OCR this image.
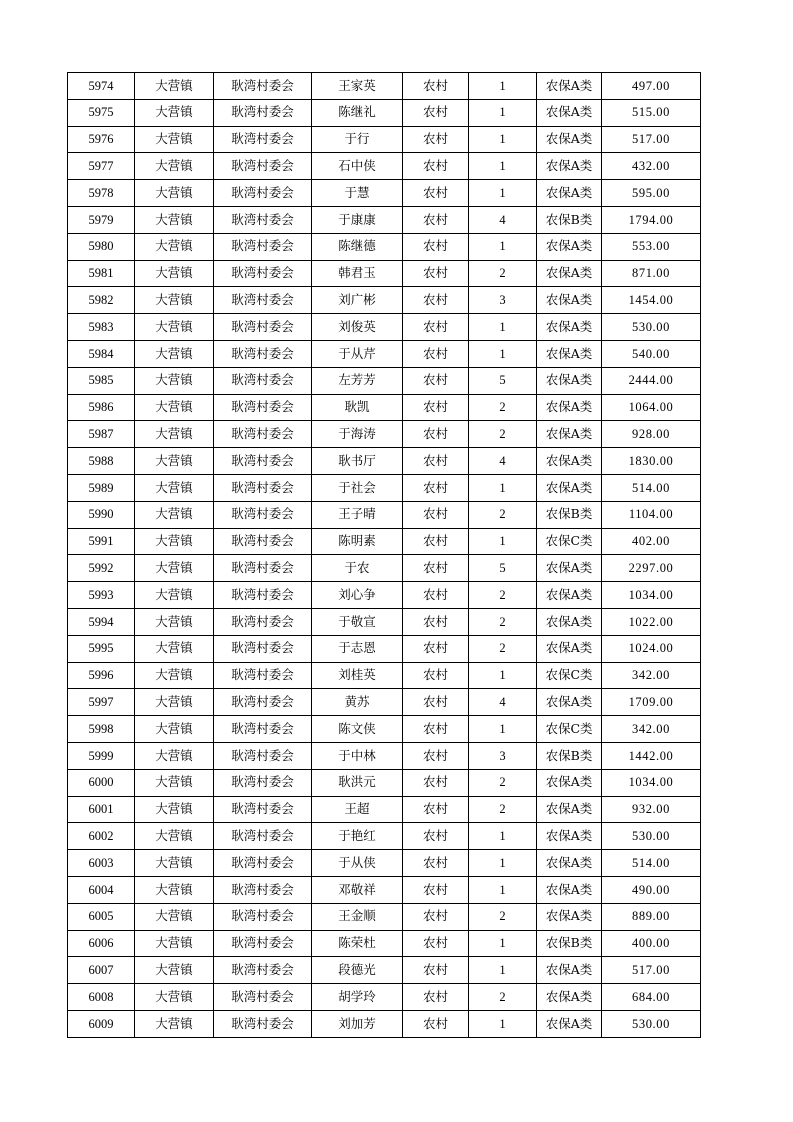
5974	大营镇	耿湾村委会	王家英	农村	1	农保A类	497.00
5975	大营镇	耿湾村委会	陈继礼	农村	1	农保A类	515.00
5976	大营镇	耿湾村委会	于行	农村	1	农保A类	517.00
5977	大营镇	耿湾村委会	石中侠	农村	1	农保A类	432.00
5978	大营镇	耿湾村委会	于慧	农村	1	农保A类	595.00
5979	大营镇	耿湾村委会	于康康	农村	4	农保B类	1794.00
5980	大营镇	耿湾村委会	陈继德	农村	1	农保A类	553.00
5981	大营镇	耿湾村委会	韩君玉	农村	2	农保A类	871.00
5982	大营镇	耿湾村委会	刘广彬	农村	3	农保A类	1454.00
5983	大营镇	耿湾村委会	刘俊英	农村	1	农保A类	530.00
5984	大营镇	耿湾村委会	于从芹	农村	1	农保A类	540.00
5985	大营镇	耿湾村委会	左芳芳	农村	5	农保A类	2444.00
5986	大营镇	耿湾村委会	耿凯	农村	2	农保A类	1064.00
5987	大营镇	耿湾村委会	于海涛	农村	2	农保A类	928.00
5988	大营镇	耿湾村委会	耿书厅	农村	4	农保A类	1830.00
5989	大营镇	耿湾村委会	于社会	农村	1	农保A类	514.00
5990	大营镇	耿湾村委会	王子晴	农村	2	农保B类	1104.00
5991	大营镇	耿湾村委会	陈明素	农村	1	农保C类	402.00
5992	大营镇	耿湾村委会	于农	农村	5	农保A类	2297.00
5993	大营镇	耿湾村委会	刘心争	农村	2	农保A类	1034.00
5994	大营镇	耿湾村委会	于敬宣	农村	2	农保A类	1022.00
5995	大营镇	耿湾村委会	于志恩	农村	2	农保A类	1024.00
5996	大营镇	耿湾村委会	刘桂英	农村	1	农保C类	342.00
5997	大营镇	耿湾村委会	黄苏	农村	4	农保A类	1709.00
5998	大营镇	耿湾村委会	陈文侠	农村	1	农保C类	342.00
5999	大营镇	耿湾村委会	于中林	农村	3	农保B类	1442.00
6000	大营镇	耿湾村委会	耿洪元	农村	2	农保A类	1034.00
6001	大营镇	耿湾村委会	王超	农村	2	农保A类	932.00
6002	大营镇	耿湾村委会	于艳红	农村	1	农保A类	530.00
6003	大营镇	耿湾村委会	于从侠	农村	1	农保A类	514.00
6004	大营镇	耿湾村委会	邓敬祥	农村	1	农保A类	490.00
6005	大营镇	耿湾村委会	王金顺	农村	2	农保A类	889.00
6006	大营镇	耿湾村委会	陈荣杜	农村	1	农保B类	400.00
6007	大营镇	耿湾村委会	段德光	农村	1	农保A类	517.00
6008	大营镇	耿湾村委会	胡学玲	农村	2	农保A类	684.00
6009	大营镇	耿湾村委会	刘加芳	农村	1	农保A类	530.00
